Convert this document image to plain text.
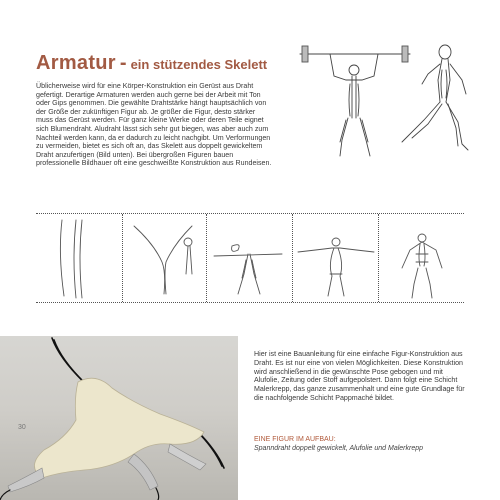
Armatur - ein stützendes Skelett

Üblicherweise wird für eine Körper-Konstruktion ein Gerüst aus Draht gefertigt. Derartige Armaturen werden auch gerne bei der Arbeit mit Ton oder Gips genommen. Die gewählte Drahtstärke hängt hauptsächlich von der Größe der zukünftigen Figur ab. Je größer die Figur, desto stärker muss das Gerüst werden. Für ganz kleine Werke oder deren Teile eignet sich Blumendraht. Aludraht lässt sich sehr gut biegen, was aber auch zum Nachteil werden kann, da er dadurch zu leicht nachgibt. Um Verformungen zu vermeiden, bietet es sich oft an, das Skelett aus doppelt gewickeltem Draht anzufertigen (Bild unten). Bei übergroßen Figuren bauen professionelle Bildhauer oft eine geschweißte Konstruktion aus Rundeisen.

30

Hier ist eine Bauanleitung für eine einfache Figur-Konstruktion aus Draht. Es ist nur eine von vielen Möglichkeiten. Diese Konstruktion wird anschließend in die gewünschte Pose gebogen und mit Alufolie, Zeitung oder Stoff aufgepolstert. Dann folgt eine Schicht Malerkrepp, das ganze zusammenhalt und eine gute Grundlage für die nachfolgende Schicht Pappmaché bildet.

EINE FIGUR IM AUFBAU:

Spanndraht doppelt gewickelt, Alufolie und Malerkrepp
